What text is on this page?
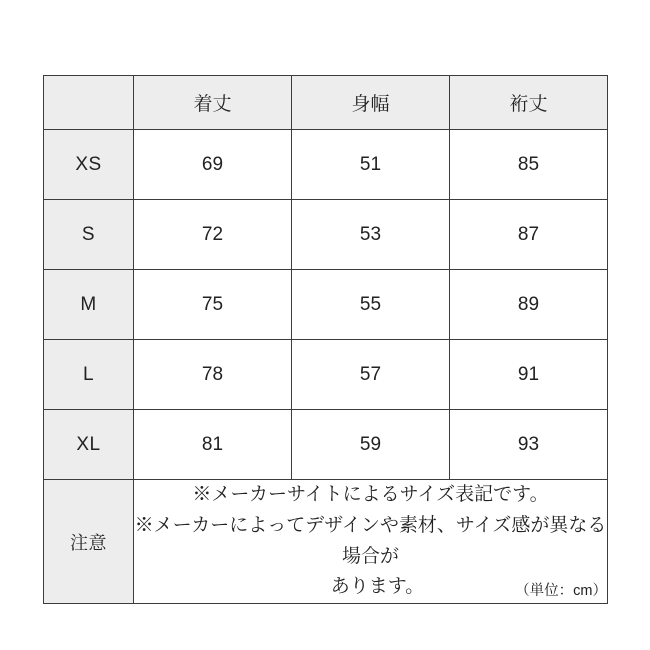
	着丈	身幅	裄丈
XS	69	51	85
S	72	53	87
M	75	55	89
L	78	57	91
XL	81	59	93
注意	※メーカーサイトによるサイズ表記です。
※メーカーによってデザインや素材、サイズ感が異なる場合が
あります。			（単位：cm）
